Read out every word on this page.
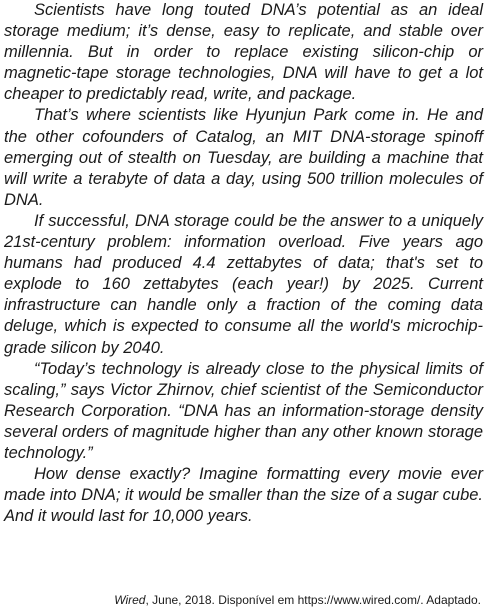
Scientists have long touted DNA’s potential as an ideal storage medium; it’s dense, easy to replicate, and stable over millennia. But in order to replace existing silicon-chip or magnetic-tape storage technologies, DNA will have to get a lot cheaper to predictably read, write, and package.

That’s where scientists like Hyunjun Park come in. He and the other cofounders of Catalog, an MIT DNA-storage spinoff emerging out of stealth on Tuesday, are building a machine that will write a terabyte of data a day, using 500 trillion molecules of DNA.

If successful, DNA storage could be the answer to a uniquely 21st-century problem: information overload. Five years ago humans had produced 4.4 zettabytes of data; that's set to explode to 160 zettabytes (each year!) by 2025. Current infrastructure can handle only a fraction of the coming data deluge, which is expected to consume all the world's microchip-grade silicon by 2040.

“Today’s technology is already close to the physical limits of scaling,” says Victor Zhirnov, chief scientist of the Semiconductor Research Corporation. “DNA has an information-storage density several orders of magnitude higher than any other known storage technology.”

How dense exactly? Imagine formatting every movie ever made into DNA; it would be smaller than the size of a sugar cube. And it would last for 10,000 years.

Wired, June, 2018. Disponível em https://www.wired.com/. Adaptado.
